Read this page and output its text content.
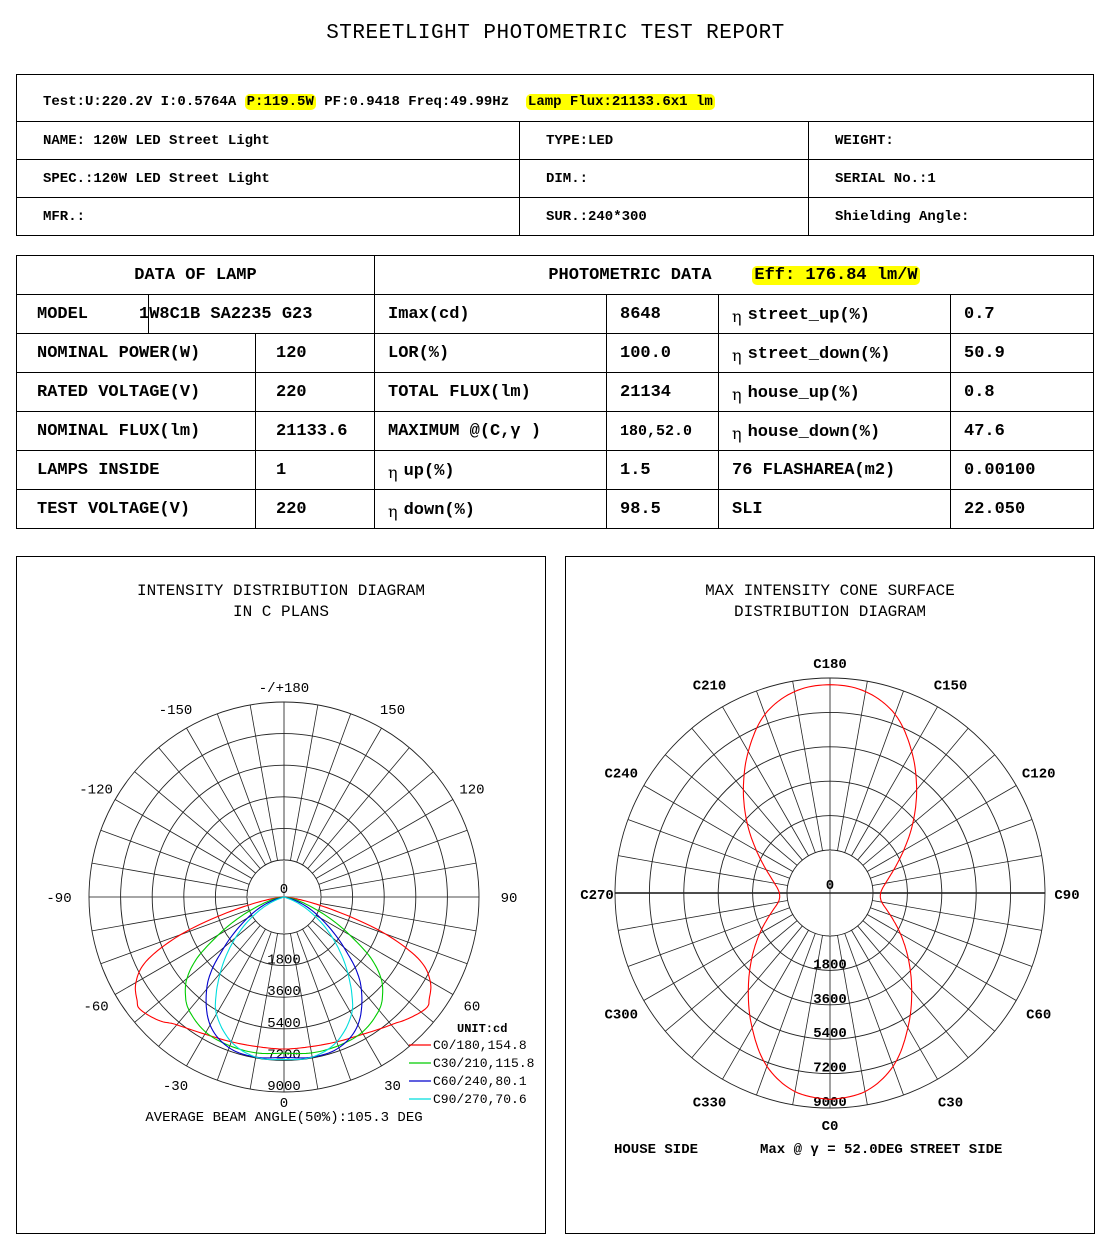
STREETLIGHT PHOTOMETRIC TEST REPORT
Test:U:220.2V I:0.5764A P:119.5W PF:0.9418 Freq:49.99Hz Lamp Flux:21133.6x1 lm		
NAME: 120W LED Street Light	TYPE:LED	WEIGHT:
SPEC.:120W LED Street Light	DIM.:	SERIAL No.:1
MFR.:	SUR.:240*300	Shielding Angle:
DATA OF LAMP		PHOTOMETRIC DATA Eff: 176.84 lm/W			
MODEL 1W8C1B SA2235 G23		Imax(cd)	8648	η street_up(%)	0.7
NOMINAL POWER(W)	120	LOR(%)	100.0	η street_down(%)	50.9
RATED VOLTAGE(V)	220	TOTAL FLUX(lm)	21134	η house_up(%)	0.8
NOMINAL FLUX(lm)	21133.6	MAXIMUM @(C,γ )	180,52.0	η house_down(%)	47.6
LAMPS INSIDE	1	η up(%)	1.5	76 FLASHAREA(m2)	0.00100
TEST VOLTAGE(V)	220	η down(%)	98.5	SLI	22.050
INTENSITY DISTRIBUTION DIAGRAM
IN C PLANS
0
1800
3600
5400
7200
9000
-/+180
-150	150
-120	120
-90	90
-60	60
-30	30
0
UNIT:cd
C0/180,154.8
C30/210,115.8
C60/240,80.1
C90/270,70.6
AVERAGE BEAM ANGLE(50%):105.3 DEG
MAX INTENSITY CONE SURFACE
DISTRIBUTION DIAGRAM
0
1800
3600
5400
7200
9000
C180
C210	C150
C240	C120
C270	C90
C300	C60
C330	C30
C0
HOUSE SIDE	Max @ γ = 52.0DEG STREET SIDE
